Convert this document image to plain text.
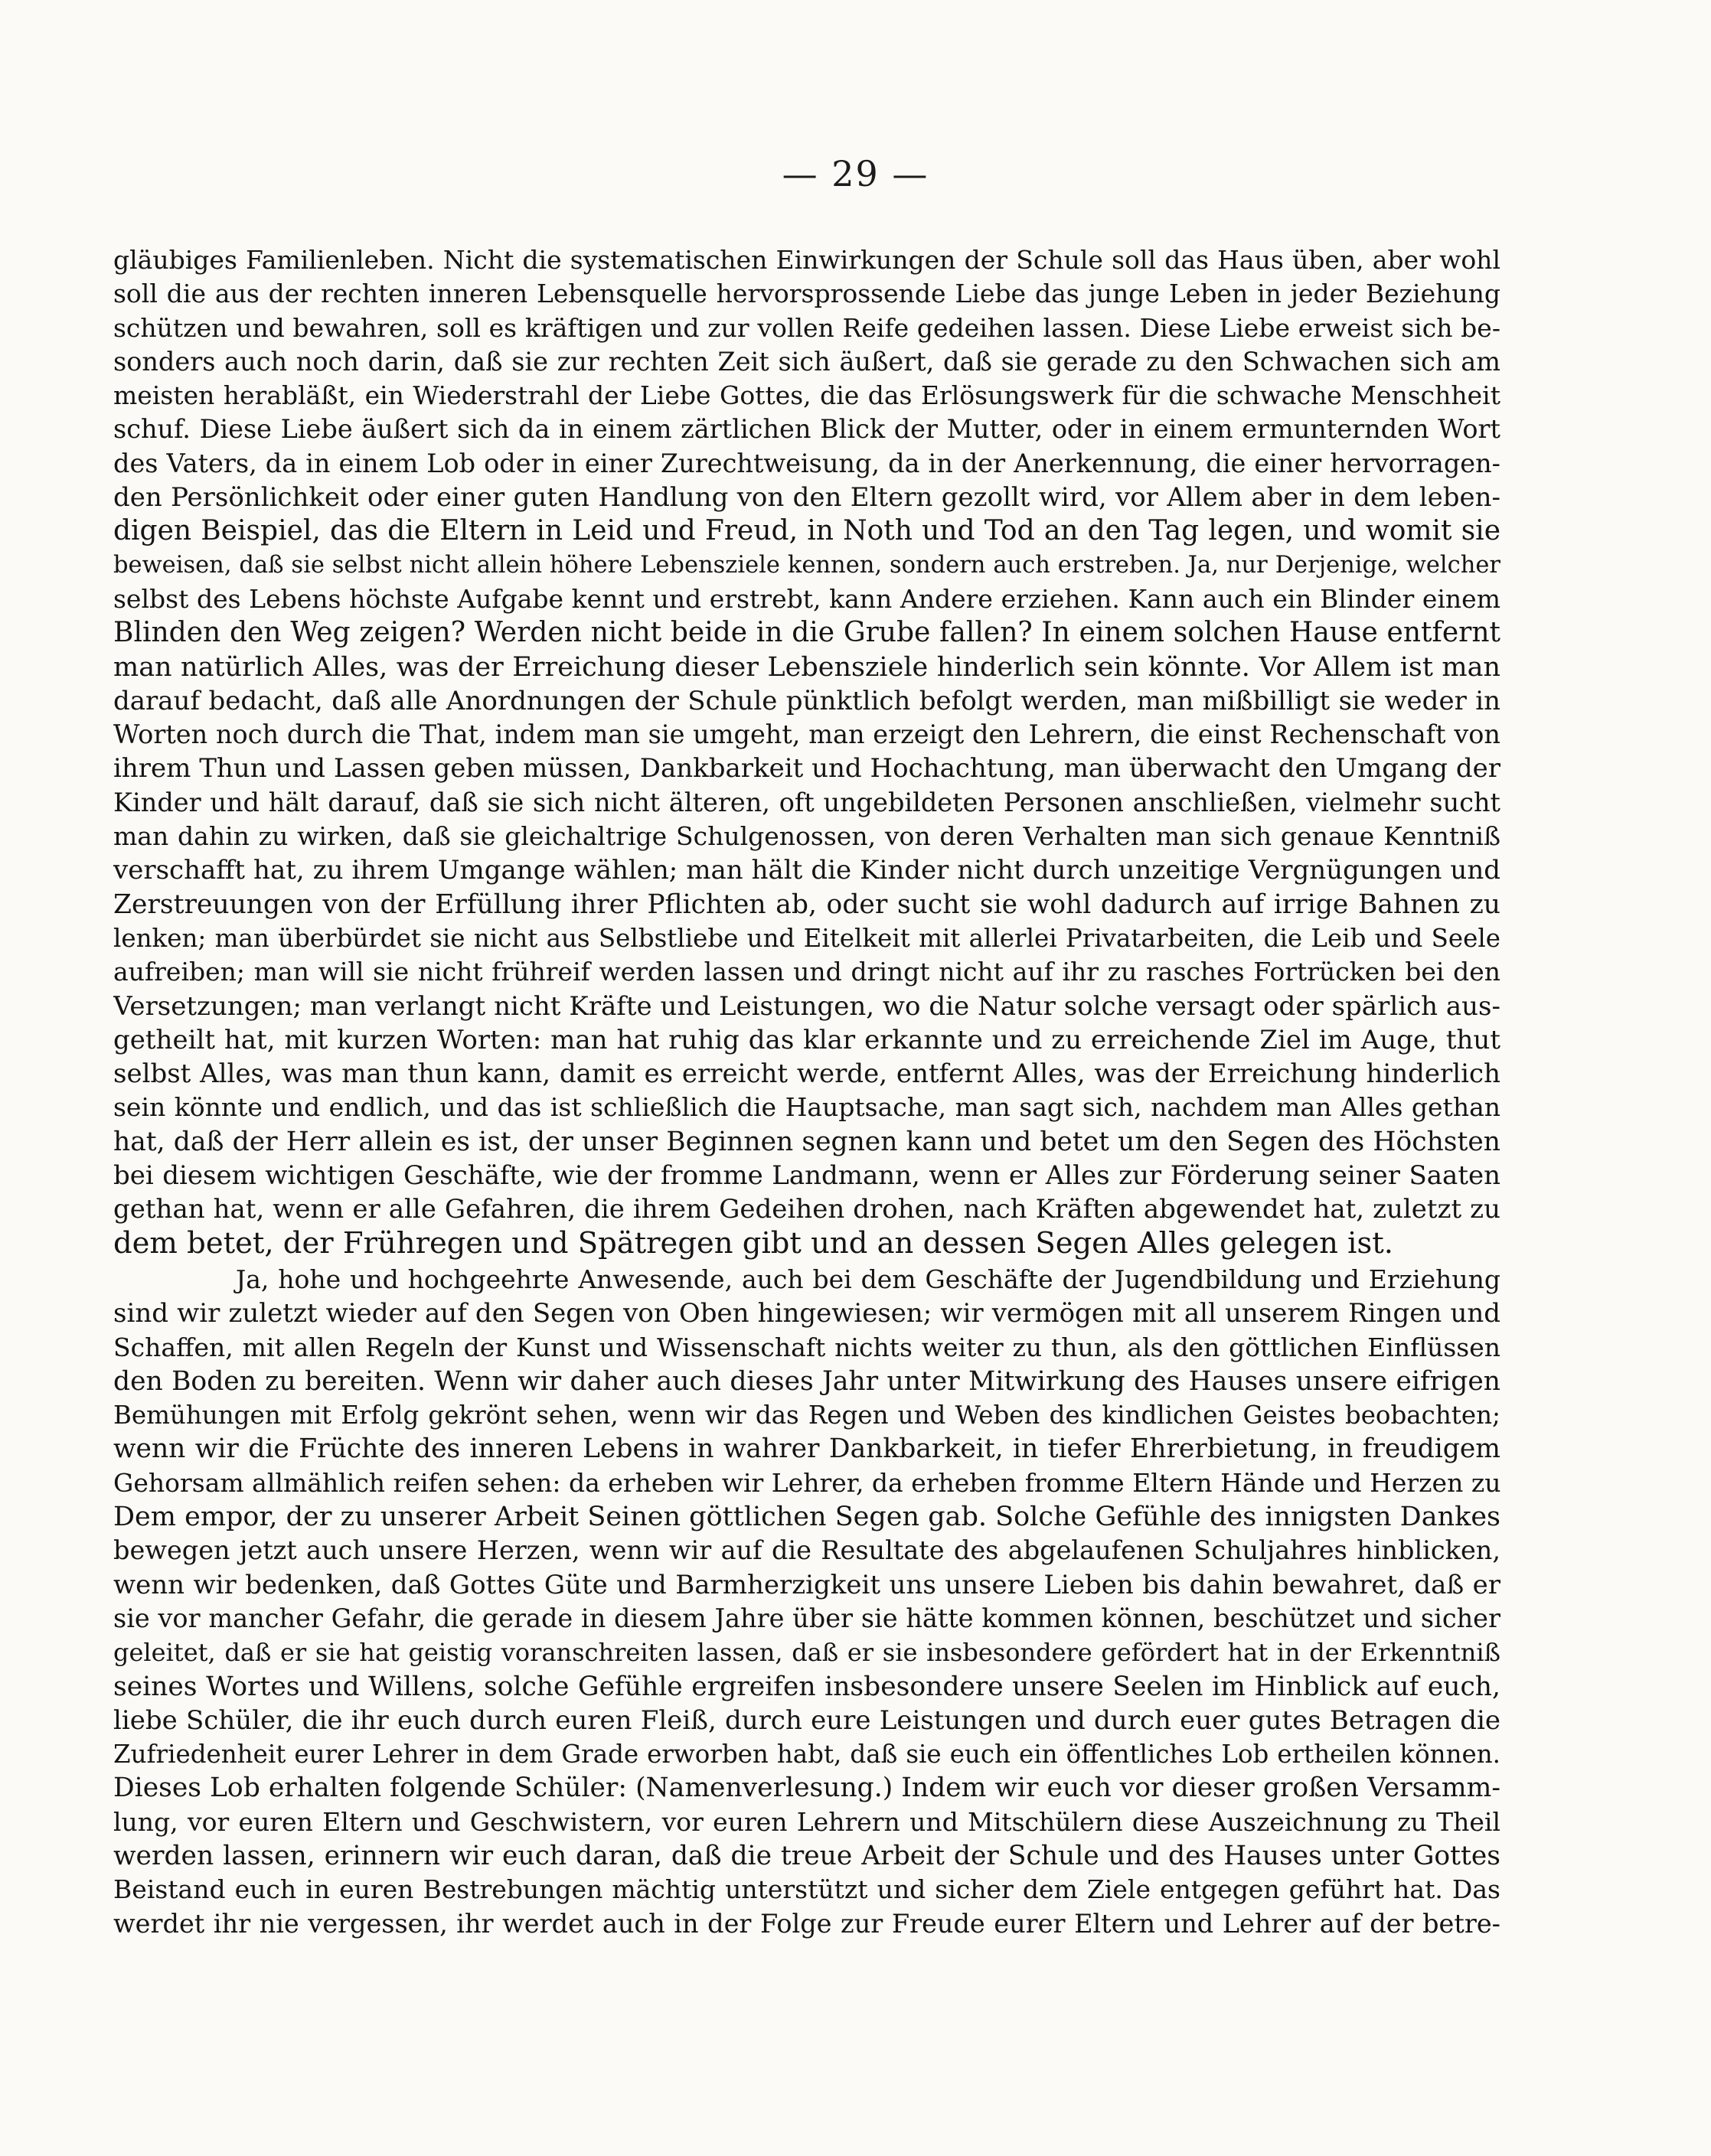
— 29 —
gläubiges Familienleben. Nicht die systematischen Einwirkungen der Schule soll das Haus üben, aber wohl
soll die aus der rechten inneren Lebensquelle hervorsprossende Liebe das junge Leben in jeder Beziehung
schützen und bewahren, soll es kräftigen und zur vollen Reife gedeihen lassen. Diese Liebe erweist sich be-
sonders auch noch darin, daß sie zur rechten Zeit sich äußert, daß sie gerade zu den Schwachen sich am
meisten herabläßt, ein Wiederstrahl der Liebe Gottes, die das Erlösungswerk für die schwache Menschheit
schuf. Diese Liebe äußert sich da in einem zärtlichen Blick der Mutter, oder in einem ermunternden Wort
des Vaters, da in einem Lob oder in einer Zurechtweisung, da in der Anerkennung, die einer hervorragen-
den Persönlichkeit oder einer guten Handlung von den Eltern gezollt wird, vor Allem aber in dem leben-
digen Beispiel, das die Eltern in Leid und Freud, in Noth und Tod an den Tag legen, und womit sie
beweisen, daß sie selbst nicht allein höhere Lebensziele kennen, sondern auch erstreben. Ja, nur Derjenige, welcher
selbst des Lebens höchste Aufgabe kennt und erstrebt, kann Andere erziehen. Kann auch ein Blinder einem
Blinden den Weg zeigen? Werden nicht beide in die Grube fallen? In einem solchen Hause entfernt
man natürlich Alles, was der Erreichung dieser Lebensziele hinderlich sein könnte. Vor Allem ist man
darauf bedacht, daß alle Anordnungen der Schule pünktlich befolgt werden, man mißbilligt sie weder in
Worten noch durch die That, indem man sie umgeht, man erzeigt den Lehrern, die einst Rechenschaft von
ihrem Thun und Lassen geben müssen, Dankbarkeit und Hochachtung, man überwacht den Umgang der
Kinder und hält darauf, daß sie sich nicht älteren, oft ungebildeten Personen anschließen, vielmehr sucht
man dahin zu wirken, daß sie gleichaltrige Schulgenossen, von deren Verhalten man sich genaue Kenntniß
verschafft hat, zu ihrem Umgange wählen; man hält die Kinder nicht durch unzeitige Vergnügungen und
Zerstreuungen von der Erfüllung ihrer Pflichten ab, oder sucht sie wohl dadurch auf irrige Bahnen zu
lenken; man überbürdet sie nicht aus Selbstliebe und Eitelkeit mit allerlei Privatarbeiten, die Leib und Seele
aufreiben; man will sie nicht frühreif werden lassen und dringt nicht auf ihr zu rasches Fortrücken bei den
Versetzungen; man verlangt nicht Kräfte und Leistungen, wo die Natur solche versagt oder spärlich aus-
getheilt hat, mit kurzen Worten: man hat ruhig das klar erkannte und zu erreichende Ziel im Auge, thut
selbst Alles, was man thun kann, damit es erreicht werde, entfernt Alles, was der Erreichung hinderlich
sein könnte und endlich, und das ist schließlich die Hauptsache, man sagt sich, nachdem man Alles gethan
hat, daß der Herr allein es ist, der unser Beginnen segnen kann und betet um den Segen des Höchsten
bei diesem wichtigen Geschäfte, wie der fromme Landmann, wenn er Alles zur Förderung seiner Saaten
gethan hat, wenn er alle Gefahren, die ihrem Gedeihen drohen, nach Kräften abgewendet hat, zuletzt zu
dem betet, der Frühregen und Spätregen gibt und an dessen Segen Alles gelegen ist.
Ja, hohe und hochgeehrte Anwesende, auch bei dem Geschäfte der Jugendbildung und Erziehung
sind wir zuletzt wieder auf den Segen von Oben hingewiesen; wir vermögen mit all unserem Ringen und
Schaffen, mit allen Regeln der Kunst und Wissenschaft nichts weiter zu thun, als den göttlichen Einflüssen
den Boden zu bereiten. Wenn wir daher auch dieses Jahr unter Mitwirkung des Hauses unsere eifrigen
Bemühungen mit Erfolg gekrönt sehen, wenn wir das Regen und Weben des kindlichen Geistes beobachten;
wenn wir die Früchte des inneren Lebens in wahrer Dankbarkeit, in tiefer Ehrerbietung, in freudigem
Gehorsam allmählich reifen sehen: da erheben wir Lehrer, da erheben fromme Eltern Hände und Herzen zu
Dem empor, der zu unserer Arbeit Seinen göttlichen Segen gab. Solche Gefühle des innigsten Dankes
bewegen jetzt auch unsere Herzen, wenn wir auf die Resultate des abgelaufenen Schuljahres hinblicken,
wenn wir bedenken, daß Gottes Güte und Barmherzigkeit uns unsere Lieben bis dahin bewahret, daß er
sie vor mancher Gefahr, die gerade in diesem Jahre über sie hätte kommen können, beschützet und sicher
geleitet, daß er sie hat geistig voranschreiten lassen, daß er sie insbesondere gefördert hat in der Erkenntniß
seines Wortes und Willens, solche Gefühle ergreifen insbesondere unsere Seelen im Hinblick auf euch,
liebe Schüler, die ihr euch durch euren Fleiß, durch eure Leistungen und durch euer gutes Betragen die
Zufriedenheit eurer Lehrer in dem Grade erworben habt, daß sie euch ein öffentliches Lob ertheilen können.
Dieses Lob erhalten folgende Schüler: (Namenverlesung.) Indem wir euch vor dieser großen Versamm-
lung, vor euren Eltern und Geschwistern, vor euren Lehrern und Mitschülern diese Auszeichnung zu Theil
werden lassen, erinnern wir euch daran, daß die treue Arbeit der Schule und des Hauses unter Gottes
Beistand euch in euren Bestrebungen mächtig unterstützt und sicher dem Ziele entgegen geführt hat. Das
werdet ihr nie vergessen, ihr werdet auch in der Folge zur Freude eurer Eltern und Lehrer auf der betre-
